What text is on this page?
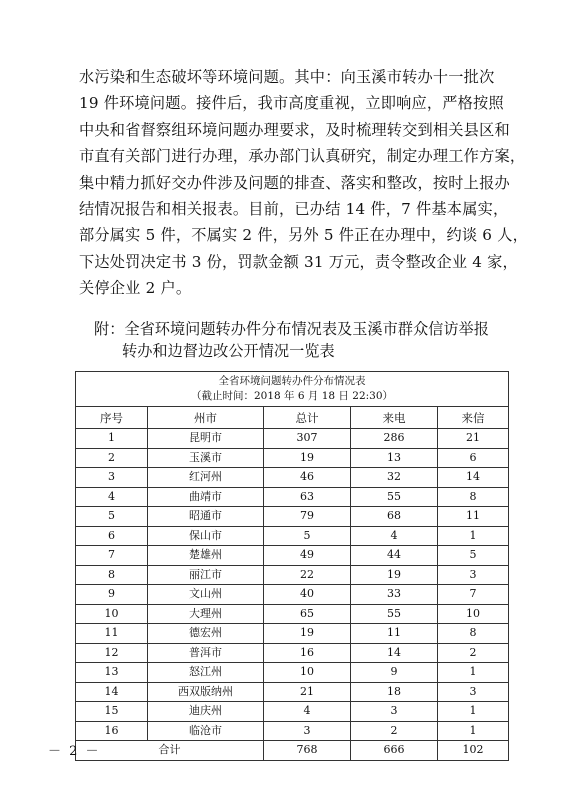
水污染和生态破坏等环境问题。其中：向玉溪市转办十一批次

19 件环境问题。接件后，我市高度重视，立即响应，严格按照

中央和省督察组环境问题办理要求，及时梳理转交到相关县区和

市直有关部门进行办理，承办部门认真研究，制定办理工作方案，

集中精力抓好交办件涉及问题的排查、落实和整改，按时上报办

结情况报告和相关报表。目前，已办结 14 件，7 件基本属实，

部分属实 5 件，不属实 2 件，另外 5 件正在办理中，约谈 6 人，

下达处罚决定书 3 份，罚款金额 31 万元，责令整改企业 4 家，

关停企业 2 户。

附：全省环境问题转办件分布情况表及玉溪市群众信访举报

转办和边督边改公开情况一览表

全省环境问题转办件分布情况表
（截止时间：2018 年 6 月 18 日 22:30）				

序号	州市	总计	来电	来信
1	昆明市	307	286	21
2	玉溪市	19	13	6
3	红河州	46	32	14
4	曲靖市	63	55	8
5	昭通市	79	68	11
6	保山市	5	4	1
7	楚雄州	49	44	5
8	丽江市	22	19	3
9	文山州	40	33	7
10	大理州	65	55	10
11	德宏州	19	11	8
12	普洱市	16	14	2
13	怒江州	10	9	1
14	西双版纳州	21	18	3
15	迪庆州	4	3	1
16	临沧市	3	2	1
合计		768	666	102
－ 2 －
